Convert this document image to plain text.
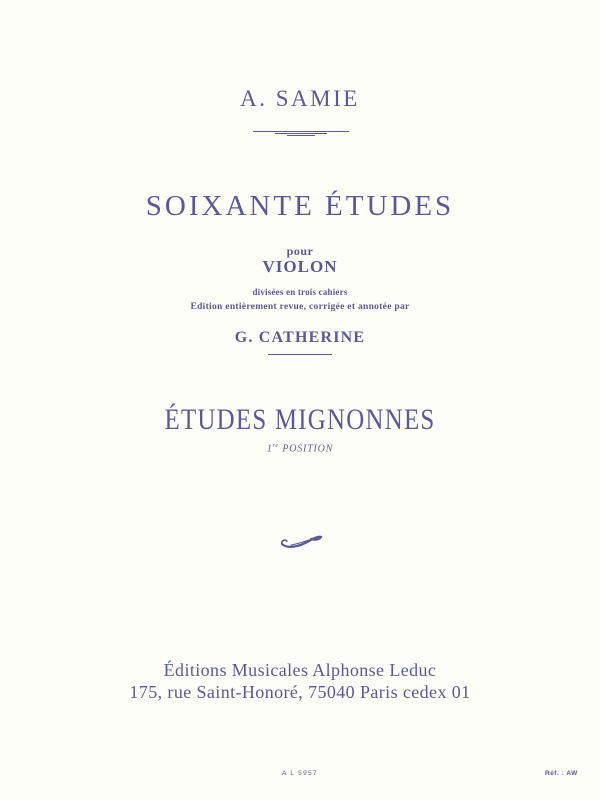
A. SAMIE
SOIXANTE ÉTUDES
pour
VIOLON
divisées en trois cahiers
Edition entièrement revue, corrigée et annotée par
G. CATHERINE
ÉTUDES MIGNONNES
1re POSITION
Éditions Musicales Alphonse Leduc
175, rue Saint-Honoré, 75040 Paris cedex 01
A L 5957	Réf. : AW
